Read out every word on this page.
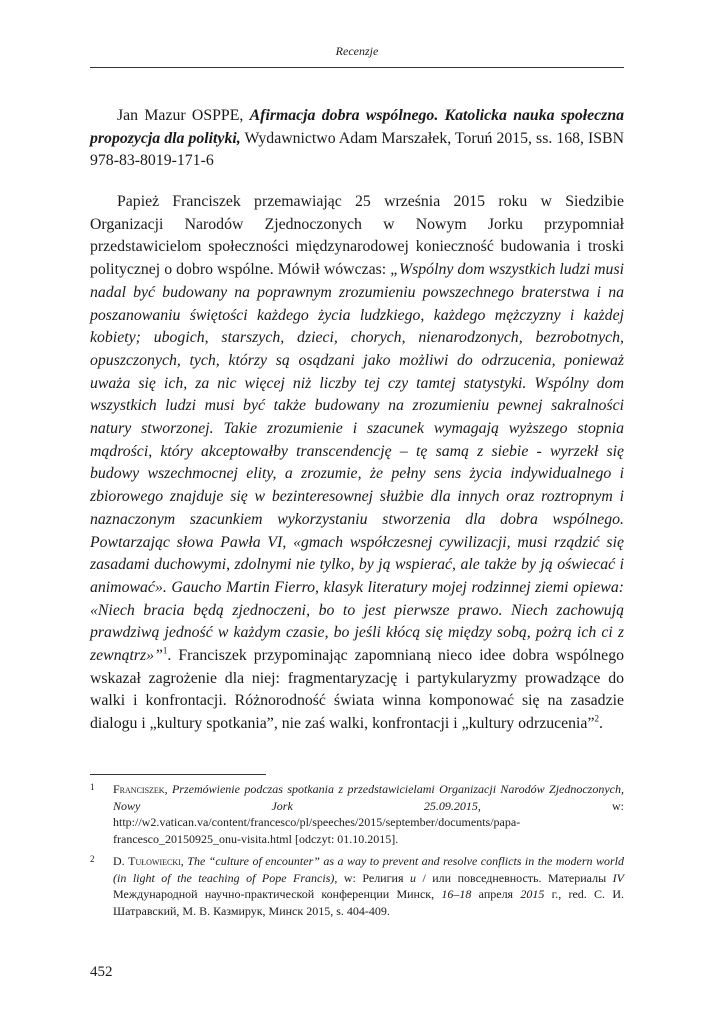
Recenzje

Jan Mazur OSPPE, Afirmacja dobra wspólnego. Katolicka nauka społeczna propozycja dla polityki, Wydawnictwo Adam Marszałek, Toruń 2015, ss. 168, ISBN 978-83-8019-171-6

Papież Franciszek przemawiając 25 września 2015 roku w Siedzibie Organizacji Narodów Zjednoczonych w Nowym Jorku przypomniał przedstawicielom społeczności międzynarodowej konieczność budowania i troski politycznej o dobro wspólne. Mówił wówczas: „Wspólny dom wszystkich ludzi musi nadal być budowany na poprawnym zrozumieniu powszechnego braterstwa i na poszanowaniu świętości każdego życia ludzkiego, każdego mężczyzny i każdej kobiety; ubogich, starszych, dzieci, chorych, nienarodzonych, bezrobotnych, opuszczonych, tych, którzy są osądzani jako możliwi do odrzucenia, ponieważ uważa się ich, za nic więcej niż liczby tej czy tamtej statystyki. Wspólny dom wszystkich ludzi musi być także budowany na zrozumieniu pewnej sakralności natury stworzonej. Takie zrozumienie i szacunek wymagają wyższego stopnia mądrości, który akceptowałby transcendencję – tę samą z siebie - wyrzekł się budowy wszechmocnej elity, a zrozumie, że pełny sens życia indywidualnego i zbiorowego znajduje się w bezinteresownej służbie dla innych oraz roztropnym i naznaczonym szacunkiem wykorzystaniu stworzenia dla dobra wspólnego. Powtarzając słowa Pawła VI, «gmach współczesnej cywilizacji, musi rządzić się zasadami duchowymi, zdolnymi nie tylko, by ją wspierać, ale także by ją oświecać i animować». Gaucho Martin Fierro, klasyk literatury mojej rodzinnej ziemi opiewa: «Niech bracia będą zjednoczeni, bo to jest pierwsze prawo. Niech zachowują prawdziwą jedność w każdym czasie, bo jeśli kłócą się między sobą, pożrą ich ci z zewnątrz»”$^1$. Franciszek przypominając zapomnianą nieco idee dobra wspólnego wskazał zagrożenie dla niej: fragmentaryzację i partykularyzmy prowadzące do walki i konfrontacji. Różnorodność świata winna komponować się na zasadzie dialogu i „kultury spotkania”, nie zaś walki, konfrontacji i „kultury odrzucenia”$^2$.

1 Franciszek, Przemówienie podczas spotkania z przedstawicielami Organizacji Narodów Zjednoczonych, Nowy Jork 25.09.2015, w: http://w2.vatican.va/content/francesco/pl/speeches/2015/september/documents/papa-francesco_20150925_onu-visita.html [odczyt: 01.10.2015].
2 D. Tułowiecki, The “culture of encounter” as a way to prevent and resolve conflicts in the modern world (in light of the teaching of Pope Francis), w: Религия и / или повседневность. Материалы IV Международной научно-практической конференции Минск, 16–18 апреля 2015 г., red. С. И. Шатравский, М. В. Казмирук, Минск 2015, s. 404-409.
452
